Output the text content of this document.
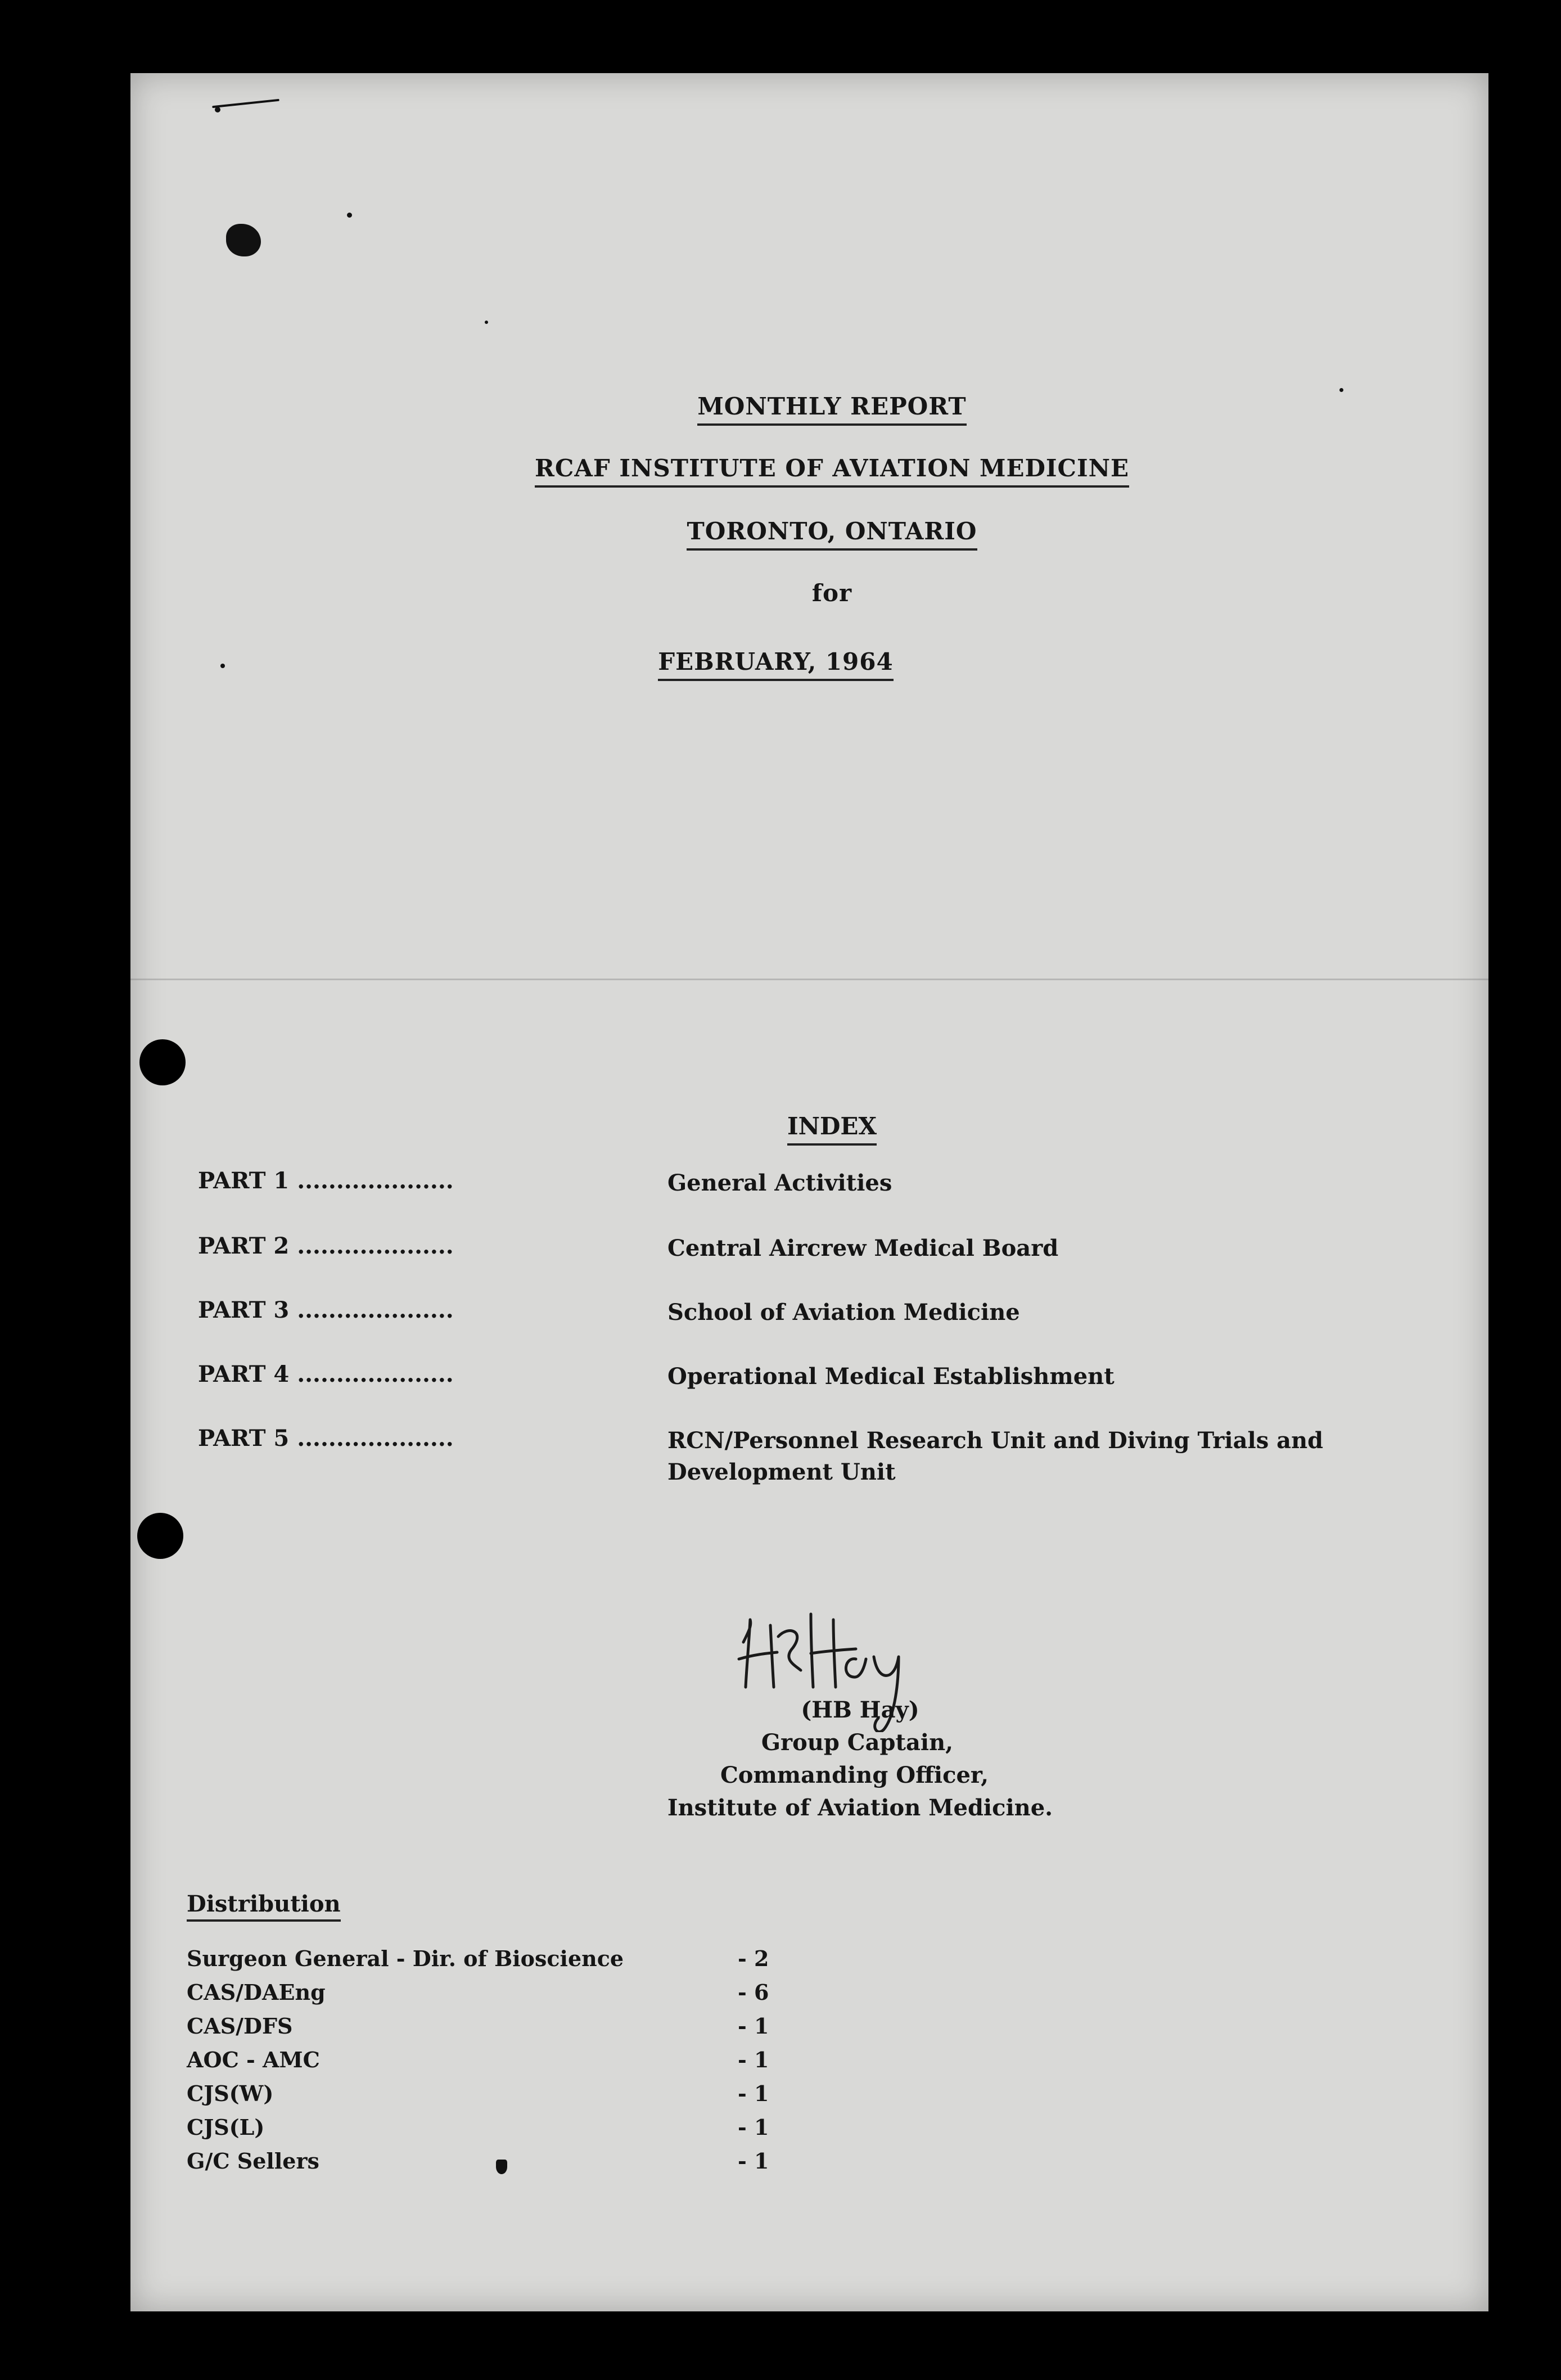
MONTHLY REPORT
RCAF INSTITUTE OF AVIATION MEDICINE
TORONTO, ONTARIO
for
FEBRUARY, 1964
INDEX
PART 1 ....................	General Activities
PART 2 ....................	Central Aircrew Medical Board
PART 3 ....................	School of Aviation Medicine
PART 4 ....................	Operational Medical Establishment
PART 5 ....................	RCN/Personnel Research Unit and Diving Trials and Development Unit
(HB Hay)
Group Captain,
Commanding Officer,
Institute of Aviation Medicine.
Distribution
Surgeon General - Dir. of Bioscience	- 2
CAS/DAEng	- 6
CAS/DFS	- 1
AOC - AMC	- 1
CJS(W)	- 1
CJS(L)	- 1
G/C Sellers	- 1
